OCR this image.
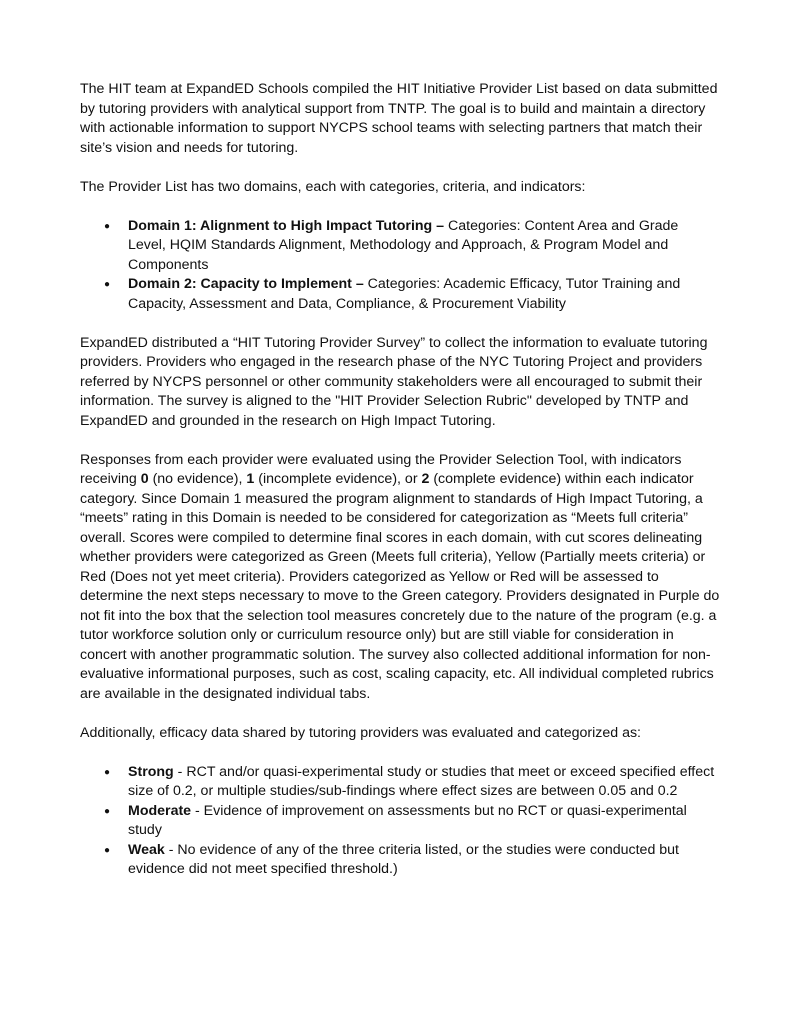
The HIT team at ExpandED Schools compiled the HIT Initiative Provider List based on data submitted by tutoring providers with analytical support from TNTP. The goal is to build and maintain a directory with actionable information to support NYCPS school teams with selecting partners that match their site’s vision and needs for tutoring.

The Provider List has two domains, each with categories, criteria, and indicators:

● Domain 1: Alignment to High Impact Tutoring – Categories: Content Area and Grade Level, HQIM Standards Alignment, Methodology and Approach, & Program Model and Components
● Domain 2: Capacity to Implement – Categories: Academic Efficacy, Tutor Training and Capacity, Assessment and Data, Compliance, & Procurement Viability

ExpandED distributed a “HIT Tutoring Provider Survey” to collect the information to evaluate tutoring providers. Providers who engaged in the research phase of the NYC Tutoring Project and providers referred by NYCPS personnel or other community stakeholders were all encouraged to submit their information. The survey is aligned to the "HIT Provider Selection Rubric" developed by TNTP and ExpandED and grounded in the research on High Impact Tutoring.

Responses from each provider were evaluated using the Provider Selection Tool, with indicators receiving 0 (no evidence), 1 (incomplete evidence), or 2 (complete evidence) within each indicator category. Since Domain 1 measured the program alignment to standards of High Impact Tutoring, a “meets” rating in this Domain is needed to be considered for categorization as “Meets full criteria” overall. Scores were compiled to determine final scores in each domain, with cut scores delineating whether providers were categorized as Green (Meets full criteria), Yellow (Partially meets criteria) or Red (Does not yet meet criteria). Providers categorized as Yellow or Red will be assessed to determine the next steps necessary to move to the Green category. Providers designated in Purple do not fit into the box that the selection tool measures concretely due to the nature of the program (e.g. a tutor workforce solution only or curriculum resource only) but are still viable for consideration in concert with another programmatic solution. The survey also collected additional information for non-evaluative informational purposes, such as cost, scaling capacity, etc. All individual completed rubrics are available in the designated individual tabs.

Additionally, efficacy data shared by tutoring providers was evaluated and categorized as:

● Strong - RCT and/or quasi-experimental study or studies that meet or exceed specified effect size of 0.2, or multiple studies/sub-findings where effect sizes are between 0.05 and 0.2
● Moderate - Evidence of improvement on assessments but no RCT or quasi-experimental study
● Weak - No evidence of any of the three criteria listed, or the studies were conducted but evidence did not meet specified threshold.)
